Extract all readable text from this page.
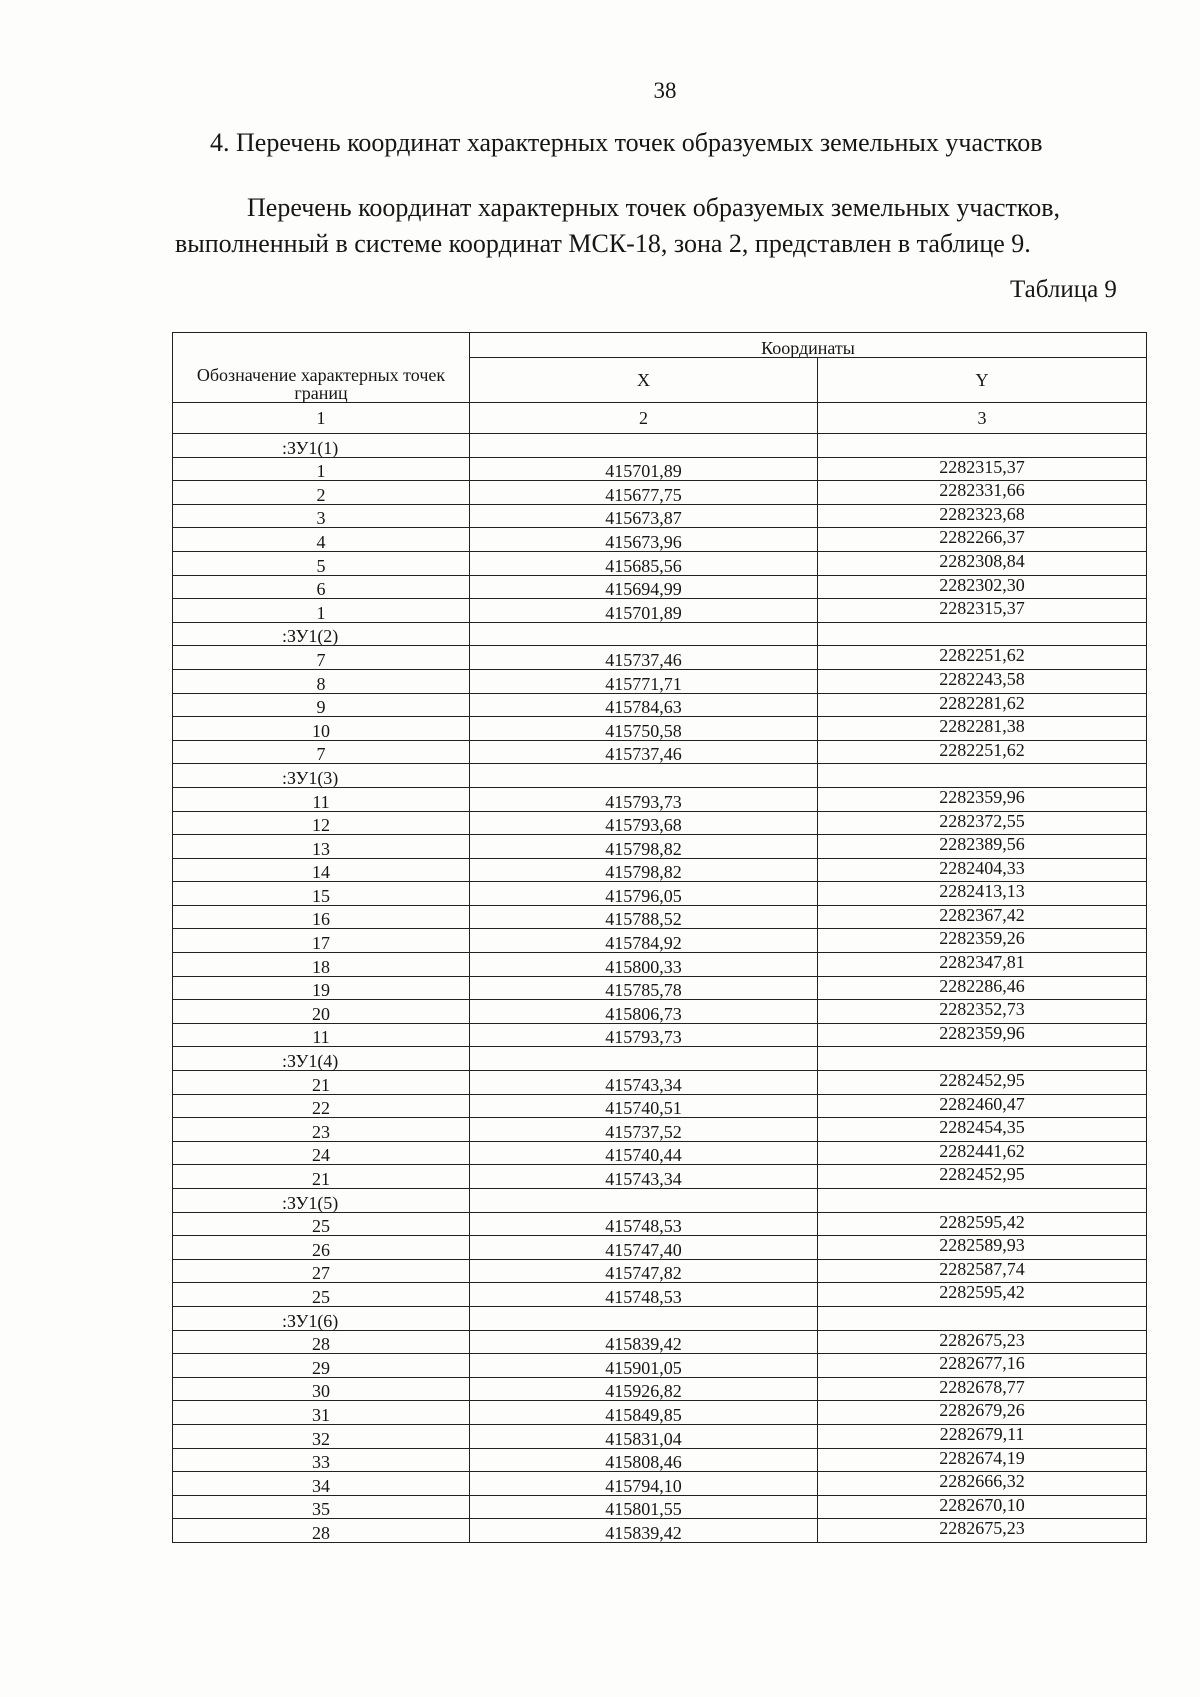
38
4. Перечень координат характерных точек образуемых земельных участков
Перечень координат характерных точек образуемых земельных участков,
выполненный в системе координат МСК-18, зона 2, представлен в таблице 9.
Таблица 9
Обозначение характерных точек границ	Координаты	
	X	Y
1	2	3
:ЗУ1(1)		
1	415701,89	2282315,37
2	415677,75	2282331,66
3	415673,87	2282323,68
4	415673,96	2282266,37
5	415685,56	2282308,84
6	415694,99	2282302,30
1	415701,89	2282315,37
:ЗУ1(2)		
7	415737,46	2282251,62
8	415771,71	2282243,58
9	415784,63	2282281,62
10	415750,58	2282281,38
7	415737,46	2282251,62
:ЗУ1(3)		
11	415793,73	2282359,96
12	415793,68	2282372,55
13	415798,82	2282389,56
14	415798,82	2282404,33
15	415796,05	2282413,13
16	415788,52	2282367,42
17	415784,92	2282359,26
18	415800,33	2282347,81
19	415785,78	2282286,46
20	415806,73	2282352,73
11	415793,73	2282359,96
:ЗУ1(4)		
21	415743,34	2282452,95
22	415740,51	2282460,47
23	415737,52	2282454,35
24	415740,44	2282441,62
21	415743,34	2282452,95
:ЗУ1(5)		
25	415748,53	2282595,42
26	415747,40	2282589,93
27	415747,82	2282587,74
25	415748,53	2282595,42
:ЗУ1(6)		
28	415839,42	2282675,23
29	415901,05	2282677,16
30	415926,82	2282678,77
31	415849,85	2282679,26
32	415831,04	2282679,11
33	415808,46	2282674,19
34	415794,10	2282666,32
35	415801,55	2282670,10
28	415839,42	2282675,23
